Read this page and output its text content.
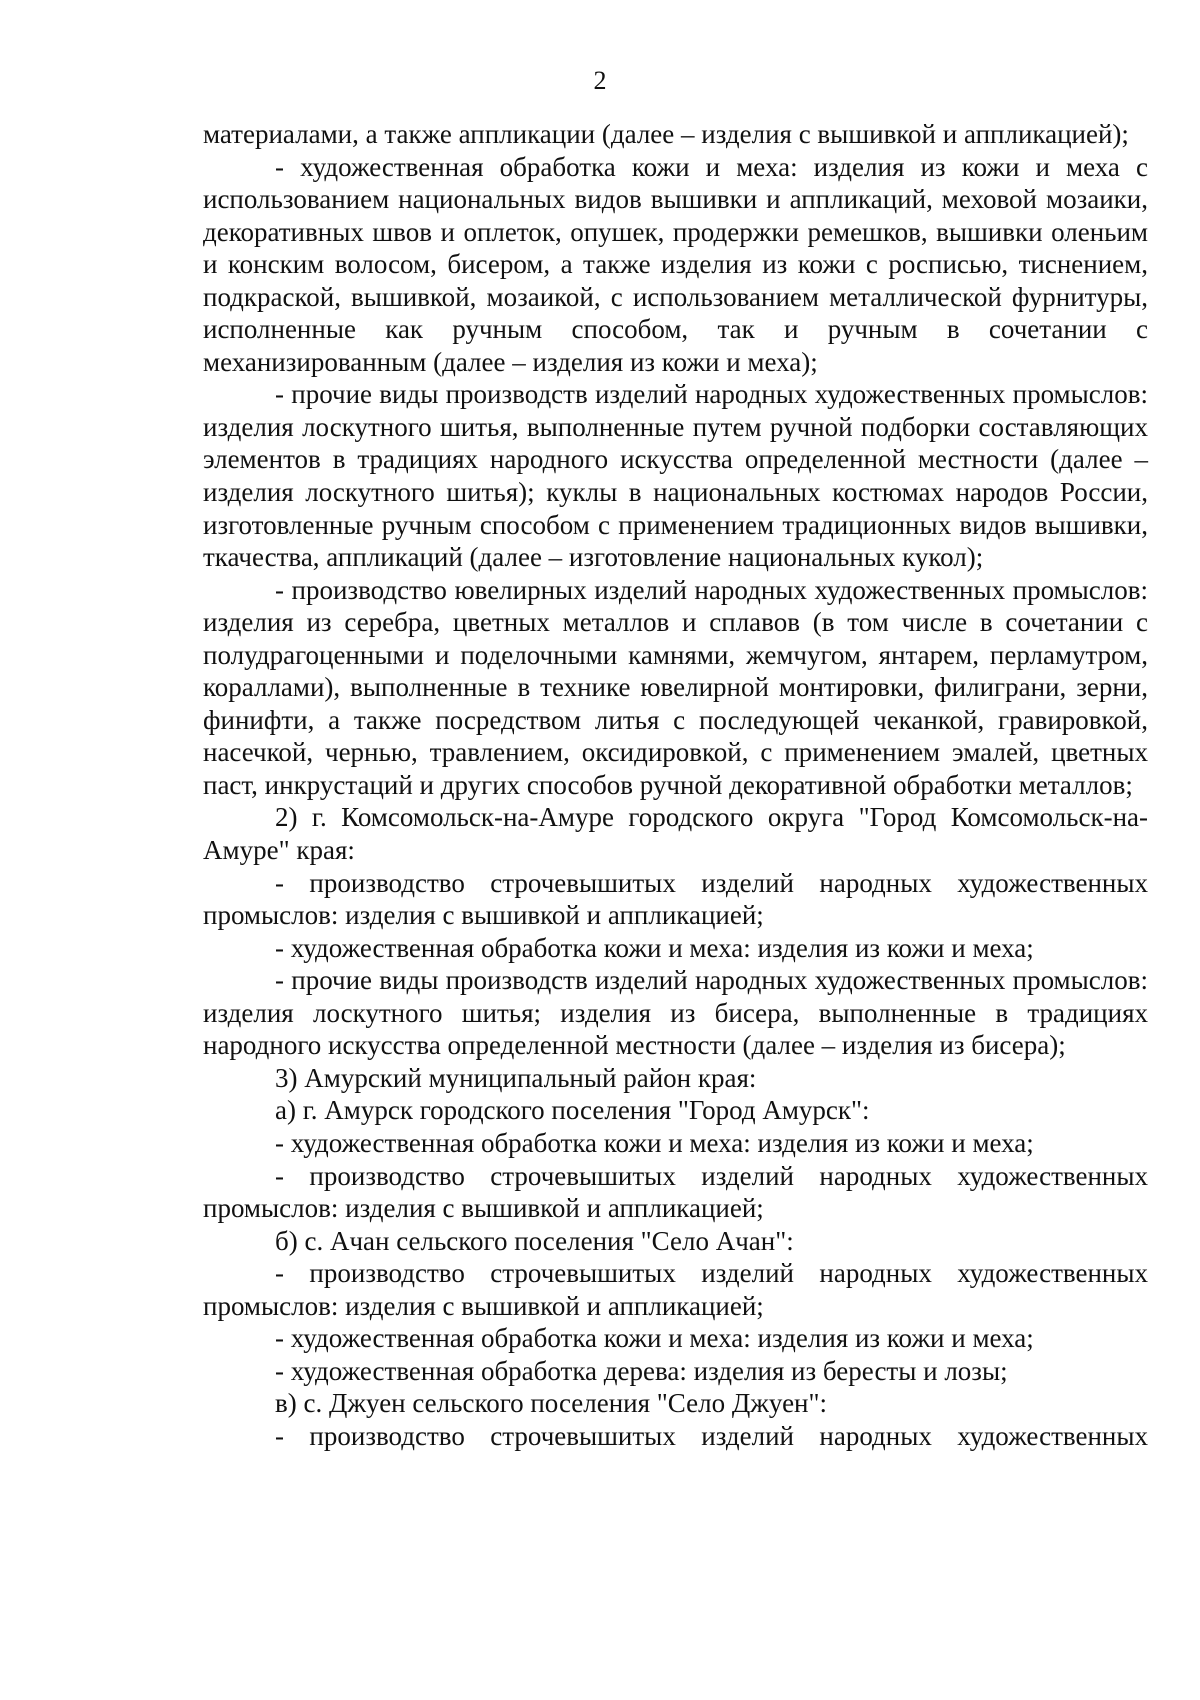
2

материалами, а также аппликации (далее – изделия с вышивкой и аппликацией);

- художественная обработка кожи и меха: изделия из кожи и меха с использованием национальных видов вышивки и аппликаций, меховой мозаики, декоративных швов и оплеток, опушек, продержки ремешков, вышивки оленьим и конским волосом, бисером, а также изделия из кожи с росписью, тиснением, подкраской, вышивкой, мозаикой, с использованием металлической фурнитуры, исполненные как ручным способом, так и ручным в сочетании с механизированным (далее – изделия из кожи и меха);

- прочие виды производств изделий народных художественных промыслов: изделия лоскутного шитья, выполненные путем ручной подборки составляющих элементов в традициях народного искусства определенной местности (далее – изделия лоскутного шитья); куклы в национальных костюмах народов России, изготовленные ручным способом с применением традиционных видов вышивки, ткачества, аппликаций (далее – изготовление национальных кукол);

- производство ювелирных изделий народных художественных промыслов: изделия из серебра, цветных металлов и сплавов (в том числе в сочетании с полудрагоценными и поделочными камнями, жемчугом, янтарем, перламутром, кораллами), выполненные в технике ювелирной монтировки, филиграни, зерни, финифти, а также посредством литья с последующей чеканкой, гравировкой, насечкой, чернью, травлением, оксидировкой, с применением эмалей, цветных паст, инкрустаций и других способов ручной декоративной обработки металлов;

2) г. Комсомольск-на-Амуре городского округа "Город Комсомольск-на-Амуре" края:

- производство строчевышитых изделий народных художественных промыслов: изделия с вышивкой и аппликацией;

- художественная обработка кожи и меха: изделия из кожи и меха;

- прочие виды производств изделий народных художественных промыслов: изделия лоскутного шитья; изделия из бисера, выполненные в традициях народного искусства определенной местности (далее – изделия из бисера);

3) Амурский муниципальный район края:

а) г. Амурск городского поселения "Город Амурск":

- художественная обработка кожи и меха: изделия из кожи и меха;

- производство строчевышитых изделий народных художественных промыслов: изделия с вышивкой и аппликацией;

б) с. Ачан сельского поселения "Село Ачан":

- производство строчевышитых изделий народных художественных промыслов: изделия с вышивкой и аппликацией;

- художественная обработка кожи и меха: изделия из кожи и меха;

- художественная обработка дерева: изделия из бересты и лозы;

в) с. Джуен сельского поселения "Село Джуен":

- производство строчевышитых изделий народных художественных
